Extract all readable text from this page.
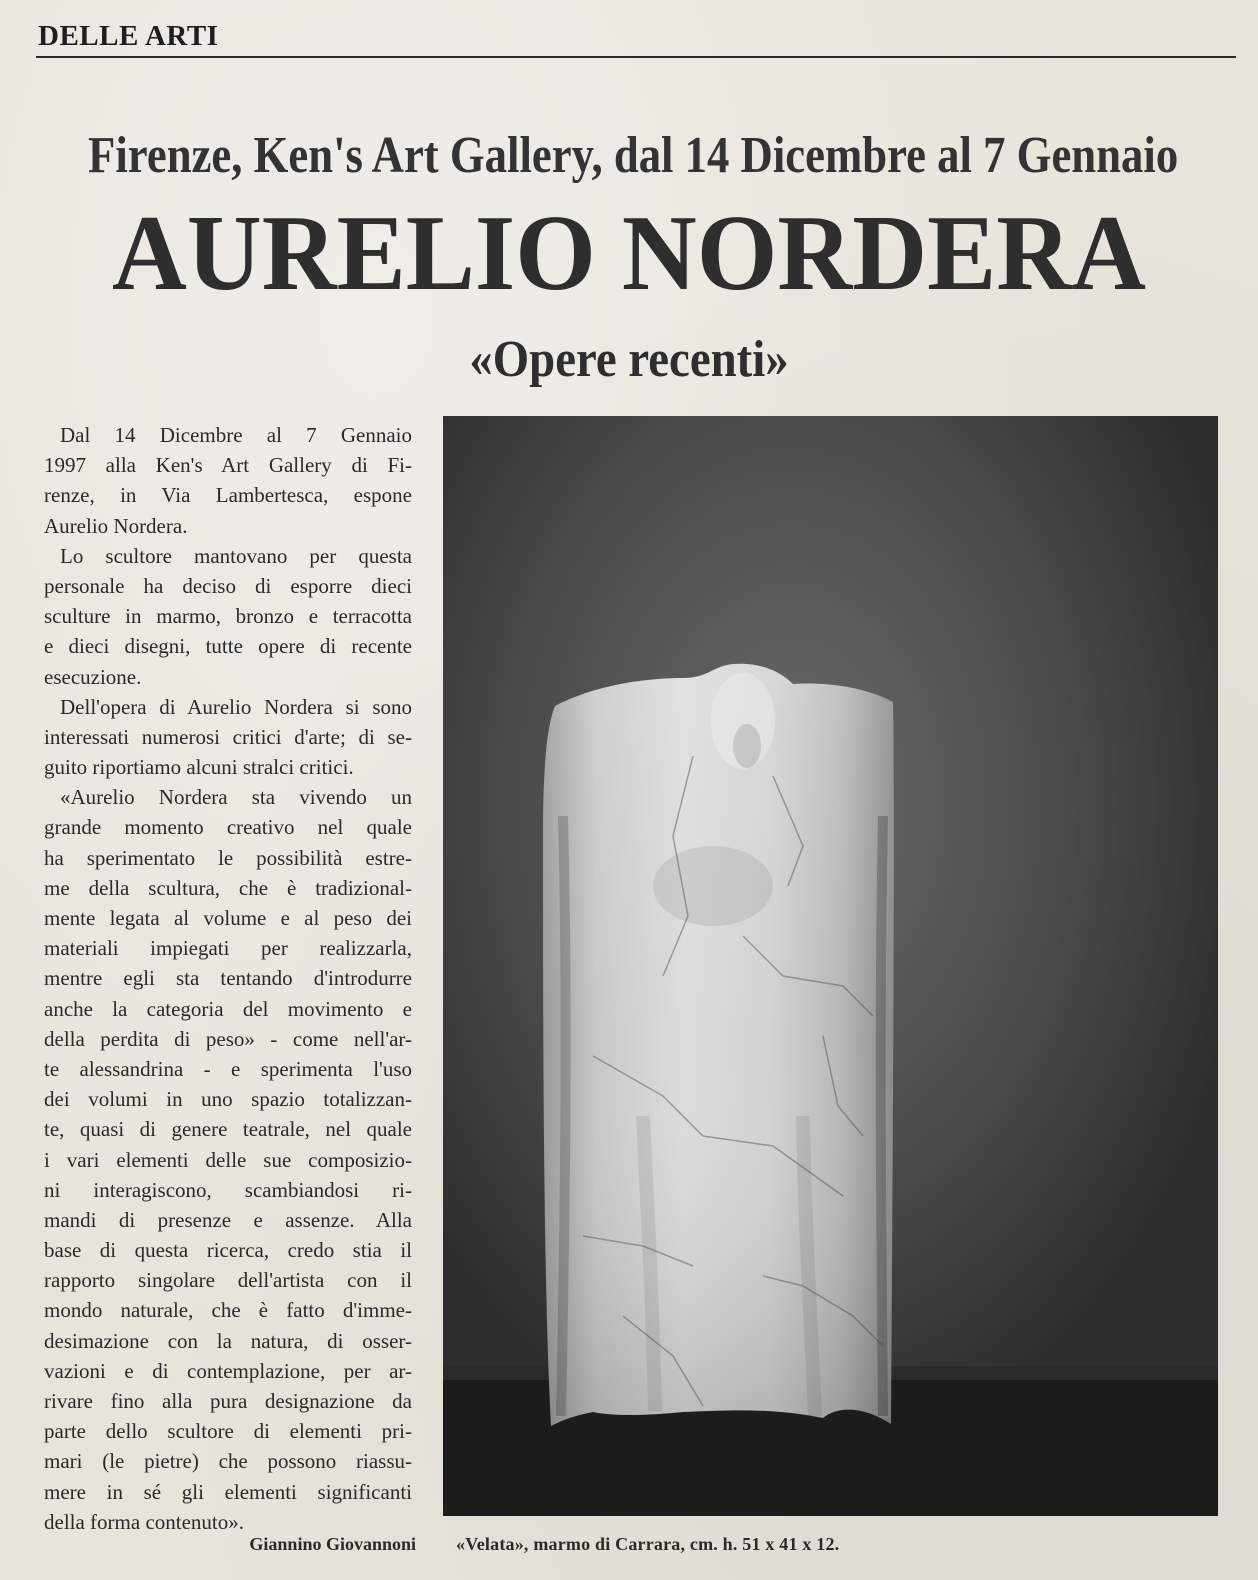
DELLE ARTI
Firenze, Ken's Art Gallery, dal 14 Dicembre al 7 Gennaio
AURELIO NORDERA
«Opere recenti»
Dal 14 Dicembre al 7 Gennaio
1997 alla Ken's Art Gallery di Fi-
renze, in Via Lambertesca, espone
Aurelio Nordera.
Lo scultore mantovano per questa
personale ha deciso di esporre dieci
sculture in marmo, bronzo e terracotta
e dieci disegni, tutte opere di recente
esecuzione.
Dell'opera di Aurelio Nordera si sono
interessati numerosi critici d'arte; di se-
guito riportiamo alcuni stralci critici.
«Aurelio Nordera sta vivendo un
grande momento creativo nel quale
ha sperimentato le possibilità estre-
me della scultura, che è tradizional-
mente legata al volume e al peso dei
materiali impiegati per realizzarla,
mentre egli sta tentando d'introdurre
anche la categoria del movimento e
della perdita di peso» - come nell'ar-
te alessandrina - e sperimenta l'uso
dei volumi in uno spazio totalizzan-
te, quasi di genere teatrale, nel quale
i vari elementi delle sue composizio-
ni interagiscono, scambiandosi ri-
mandi di presenze e assenze. Alla
base di questa ricerca, credo stia il
rapporto singolare dell'artista con il
mondo naturale, che è fatto d'imme-
desimazione con la natura, di osser-
vazioni e di contemplazione, per ar-
rivare fino alla pura designazione da
parte dello scultore di elementi pri-
mari (le pietre) che possono riassu-
mere in sé gli elementi significanti
della forma contenuto».
Giannino Giovannoni «Velata», marmo di Carrara, cm. h. 51 x 41 x 12.
